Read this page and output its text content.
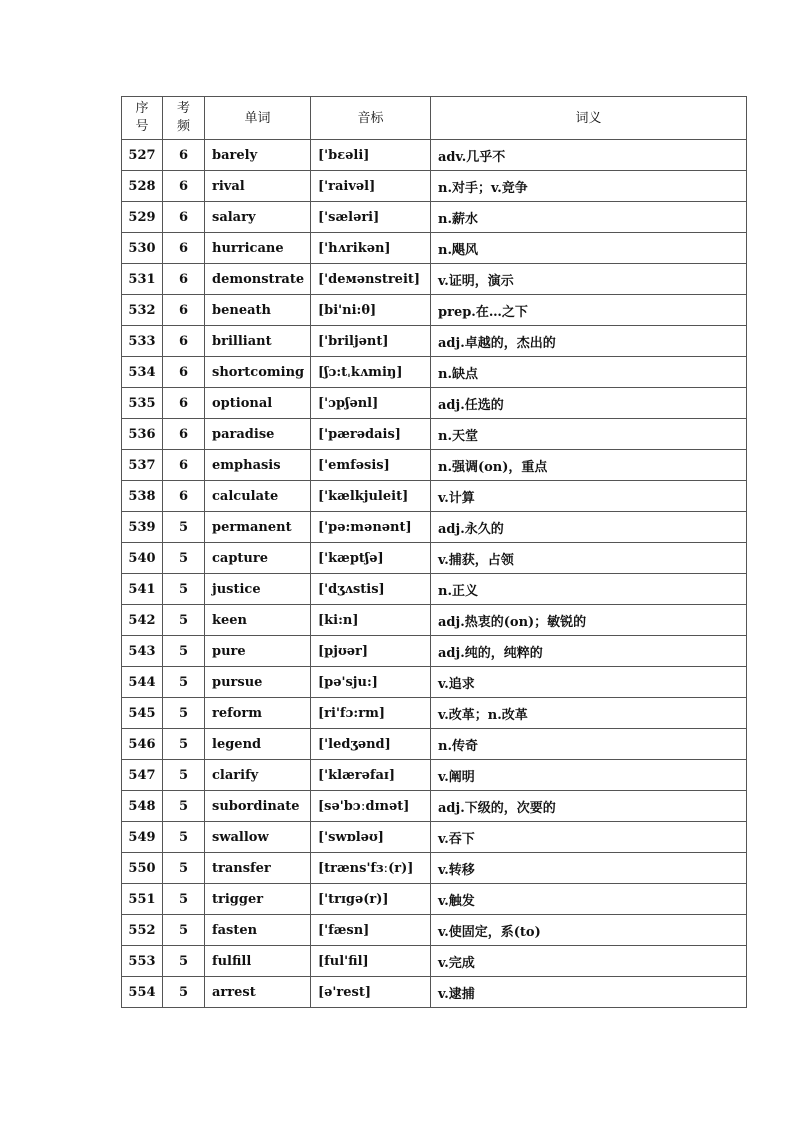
序号	考频	单词	音标	词义
527	6	barely	['bɛəli]	adv.几乎不
528	6	rival	['raivəl]	n.对手；v.竞争
529	6	salary	['sæləri]	n.薪水
530	6	hurricane	['hʌrikən]	n.飓风
531	6	demonstrate	['deмənstreit]	v.证明，演示
532	6	beneath	[bi'ni:θ]	prep.在…之下
533	6	brilliant	['briljənt]	adj.卓越的，杰出的
534	6	shortcoming	[ʃɔ:tˌkʌmiŋ]	n.缺点
535	6	optional	['ɔpʃənl]	adj.任选的
536	6	paradise	['pærədais]	n.天堂
537	6	emphasis	['emfəsis]	n.强调(on)，重点
538	6	calculate	['kælkjuleit]	v.计算
539	5	permanent	['pə:mənənt]	adj.永久的
540	5	capture	['kæptʃə]	v.捕获，占领
541	5	justice	['dʒʌstis]	n.正义
542	5	keen	[ki:n]	adj.热衷的(on)；敏锐的
543	5	pure	[pjʊər]	adj.纯的，纯粹的
544	5	pursue	[pə'sju:]	v.追求
545	5	reform	[ri'fɔ:rm]	v.改革；n.改革
546	5	legend	['ledʒənd]	n.传奇
547	5	clarify	['klærəfaɪ]	v.阐明
548	5	subordinate	[sə'bɔːdɪnət]	adj.下级的，次要的
549	5	swallow	['swɒləʊ]	v.吞下
550	5	transfer	[træns'fɜː(r)]	v.转移
551	5	trigger	['trɪgə(r)]	v.触发
552	5	fasten	['fæsn]	v.使固定，系(to)
553	5	fulfill	[ful'fil]	v.完成
554	5	arrest	[ə'rest]	v.逮捕
